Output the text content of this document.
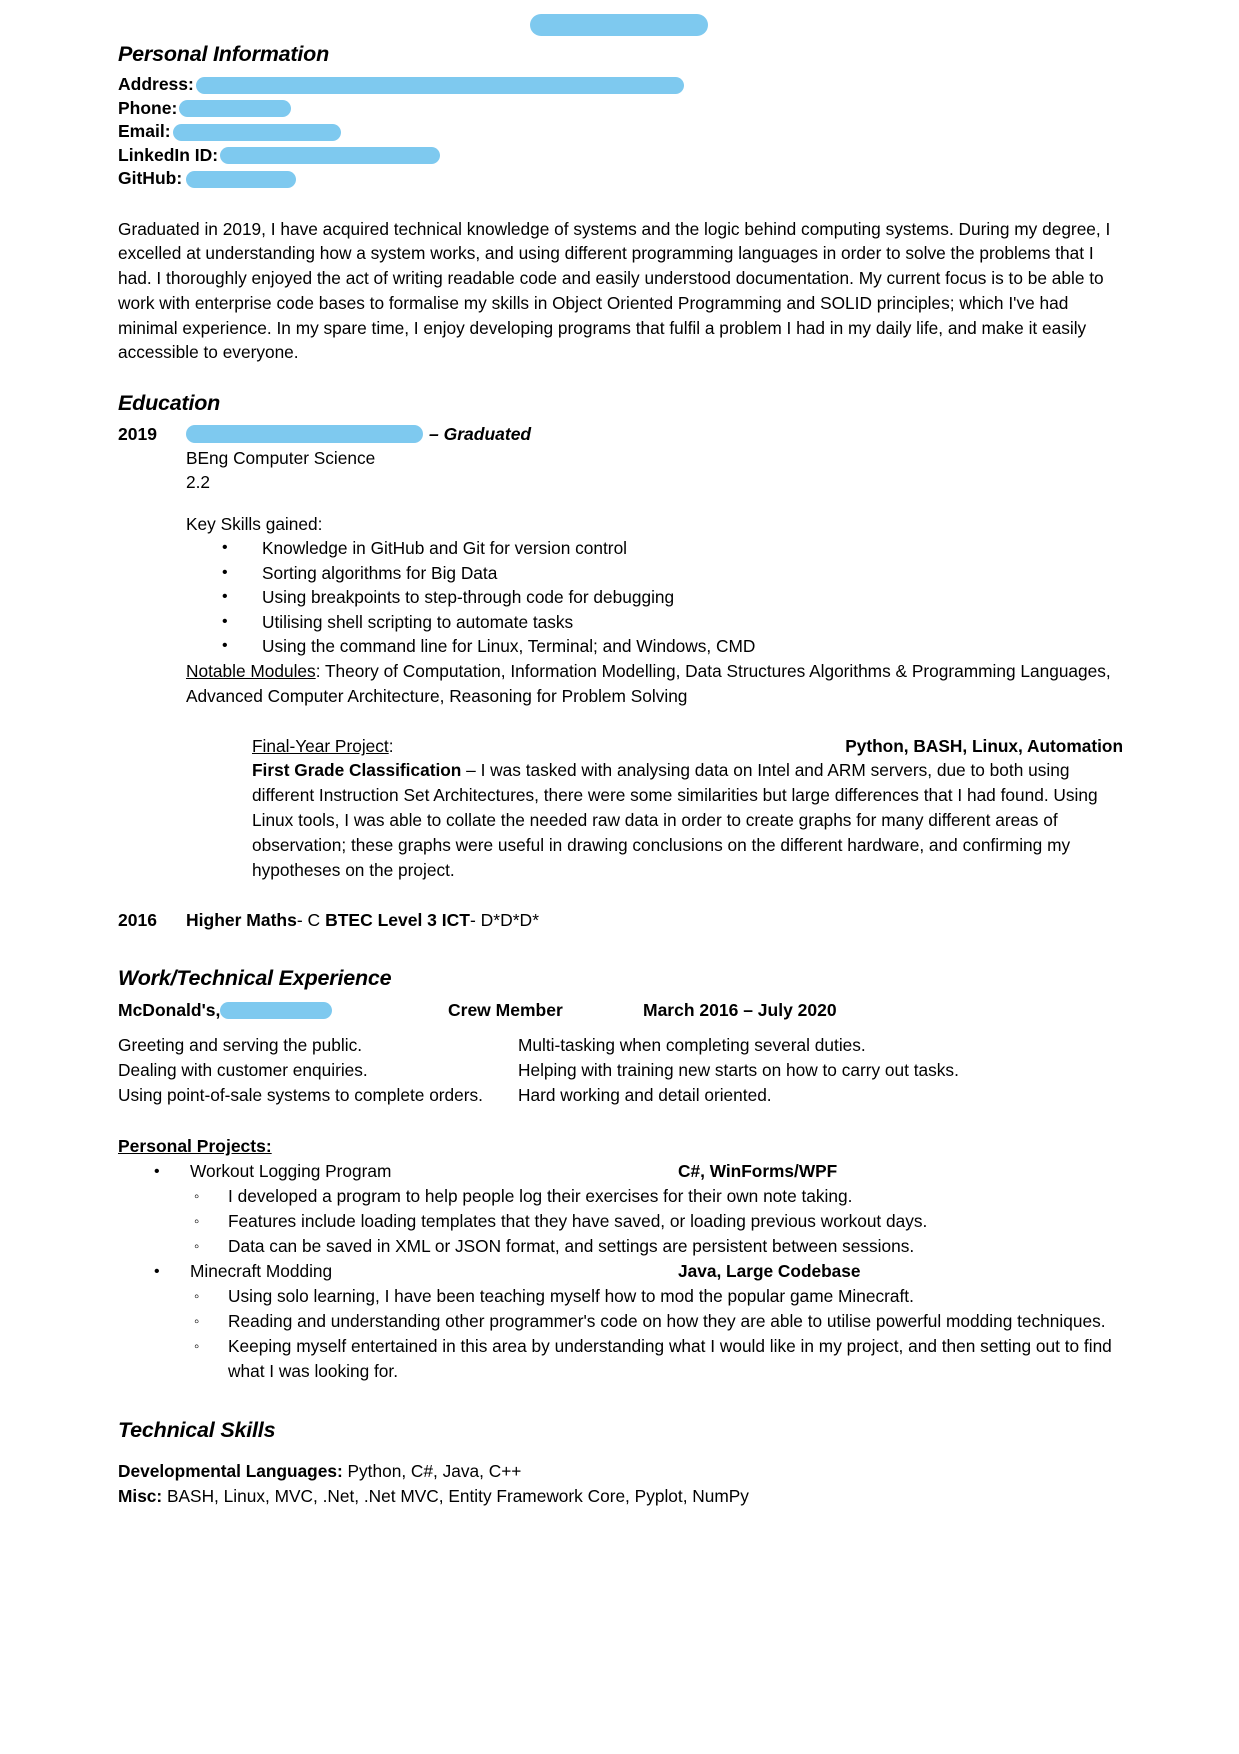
Personal Information
Address:
Phone:
Email:
LinkedIn ID:
GitHub:

Graduated in 2019, I have acquired technical knowledge of systems and the logic behind computing systems. During my degree, I excelled at understanding how a system works, and using different programming languages in order to solve the problems that I had. I thoroughly enjoyed the act of writing readable code and easily understood documentation. My current focus is to be able to work with enterprise code bases to formalise my skills in Object Oriented Programming and SOLID principles; which I've had minimal experience. In my spare time, I enjoy developing programs that fulfil a problem I had in my daily life, and make it easily accessible to everyone.

Education
2019	– Graduated
BEng Computer Science
2.2
Key Skills gained:
• Knowledge in GitHub and Git for version control
• Sorting algorithms for Big Data
• Using breakpoints to step-through code for debugging
• Utilising shell scripting to automate tasks
• Using the command line for Linux, Terminal; and Windows, CMD
Notable Modules: Theory of Computation, Information Modelling, Data Structures Algorithms & Programming Languages, Advanced Computer Architecture, Reasoning for Problem Solving
Final-Year Project:	Python, BASH, Linux, Automation
First Grade Classification – I was tasked with analysing data on Intel and ARM servers, due to both using different Instruction Set Architectures, there were some similarities but large differences that I had found. Using Linux tools, I was able to collate the needed raw data in order to create graphs for many different areas of observation; these graphs were useful in drawing conclusions on the different hardware, and confirming my hypotheses on the project.
2016	Higher Maths- C BTEC Level 3 ICT- D*D*D*
Work/Technical Experience
McDonald's,	Crew Member	March 2016 – July 2020
Greeting and serving the public.
Dealing with customer enquiries.
Using point-of-sale systems to complete orders.
Multi-tasking when completing several duties.
Helping with training new starts on how to carry out tasks.
Hard working and detail oriented.
Personal Projects:
• Workout Logging Program	C#, WinForms/WPF
◦ I developed a program to help people log their exercises for their own note taking.
◦ Features include loading templates that they have saved, or loading previous workout days.
◦ Data can be saved in XML or JSON format, and settings are persistent between sessions.
• Minecraft Modding	Java, Large Codebase
◦ Using solo learning, I have been teaching myself how to mod the popular game Minecraft.
◦ Reading and understanding other programmer's code on how they are able to utilise powerful modding techniques.
◦ Keeping myself entertained in this area by understanding what I would like in my project, and then setting out to find what I was looking for.
Technical Skills
Developmental Languages: Python, C#, Java, C++
Misc: BASH, Linux, MVC, .Net, .Net MVC, Entity Framework Core, Pyplot, NumPy
